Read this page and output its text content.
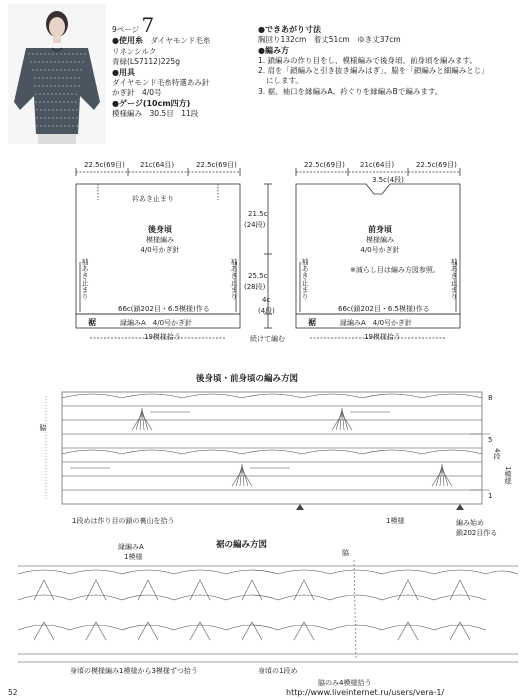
9ページ 7
●使用糸　 ダイヤモンド毛糸
リネンシルク
青緑(LS7112)225g
●用具
ダイヤモンド毛糸特選あみ針
かぎ針　4/0号
●ゲージ(10cm四方)
模様編み　30.5目　11段
●できあがり寸法
胸回り132cm　着丈51cm　ゆき丈37cm
●編み方
1. 鎖編みの作り目をし、模様編みで後身頃、前身頃を編みます。
2. 肩を「鎖編みと引き抜き編みはぎ」、脇を「鎖編みと細編みとじ」
にします。
3. 裾、袖口を縁編みA、衿ぐりを縁編みBで編みます。
22.5c(69目) 21c(64目)	22.5c(69目)
衿あき止まり
後身頃
模様編み
4/0号かぎ針
袖あき止まり	袖あき止まり
66c(鎖202目・6.5模様)作る
裾	縁編みA　4/0号かぎ針
19模様拾う
21.5c
(24段)
25.5c
(28段)
4c
(4段)
続けて編む
22.5c(69目) 21c(64目)	22.5c(69目)
3.5c(4段)
前身頃
模様編み
4/0号かぎ針
※減らし目は編み方図参照。
袖あき止まり	袖あき止まり
66c(鎖202目・6.5模様)作る
裾	縁編みA　4/0号かぎ針
19模様拾う
後身頃・前身頃の編み方図
脇
8
5
1
4段
1模様
1段めは作り目の鎖の裏山を拾う	1模様	編み始め
鎖202目作る
裾の編み方図
縁編みA
1模様	脇
身頃の模様編み1模様から3模様ずつ拾う	身頃の1段め
脇のみ4模様拾う
52	http://www.liveinternet.ru/users/vera-1/
